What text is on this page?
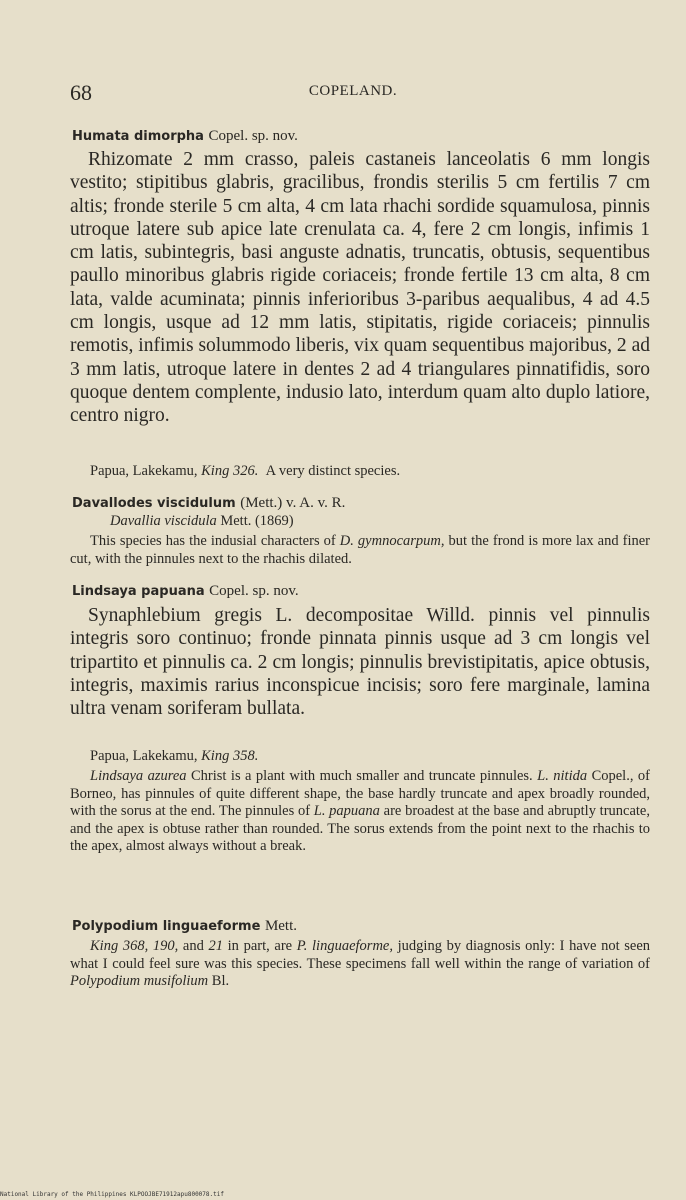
68	COPELAND.
Humata dimorpha Copel. sp. nov.

Rhizomate 2 mm crasso, paleis castaneis lanceolatis 6 mm longis vestito; stipitibus glabris, gracilibus, frondis sterilis 5 cm fertilis 7 cm altis; fronde sterile 5 cm alta, 4 cm lata rhachi sordide squamulosa, pinnis utroque latere sub apice late crenulata ca. 4, fere 2 cm longis, infimis 1 cm latis, subintegris, basi anguste adnatis, truncatis, obtusis, sequentibus paullo minoribus glabris rigide coriaceis; fronde fertile 13 cm alta, 8 cm lata, valde acuminata; pinnis inferioribus 3-paribus aequalibus, 4 ad 4.5 cm longis, usque ad 12 mm latis, stipitatis, rigide coriaceis; pinnulis remotis, infimis solummodo liberis, vix quam sequentibus majoribus, 2 ad 3 mm latis, utroque latere in dentes 2 ad 4 triangulares pinnatifidis, soro quoque dentem complente, indusio lato, interdum quam alto duplo latiore, centro nigro.

Papua, Lakekamu, King 326. A very distinct species.

Davallodes viscidulum (Mett.) v. A. v. R.
Davallia viscidula Mett. (1869)

This species has the indusial characters of D. gymnocarpum, but the frond is more lax and finer cut, with the pinnules next to the rhachis dilated.

Lindsaya papuana Copel. sp. nov.

Synaphlebium gregis L. decompositae Willd. pinnis vel pinnulis integris soro continuo; fronde pinnata pinnis usque ad 3 cm longis vel tripartito et pinnulis ca. 2 cm longis; pinnulis brevistipitatis, apice obtusis, integris, maximis rarius inconspicue incisis; soro fere marginale, lamina ultra venam soriferam bullata.

Papua, Lakekamu, King 358.

Lindsaya azurea Christ is a plant with much smaller and truncate pinnules. L. nitida Copel., of Borneo, has pinnules of quite different shape, the base hardly truncate and apex broadly rounded, with the sorus at the end. The pinnules of L. papuana are broadest at the base and abruptly truncate, and the apex is obtuse rather than rounded. The sorus extends from the point next to the rhachis to the apex, almost always without a break.

Polypodium linguaeforme Mett.

King 368, 190, and 21 in part, are P. linguaeforme, judging by diagnosis only: I have not seen what I could feel sure was this species. These specimens fall well within the range of variation of Polypodium musifolium Bl.

National Library of the Philippines KLPOOJBE71912apu800078.tif
